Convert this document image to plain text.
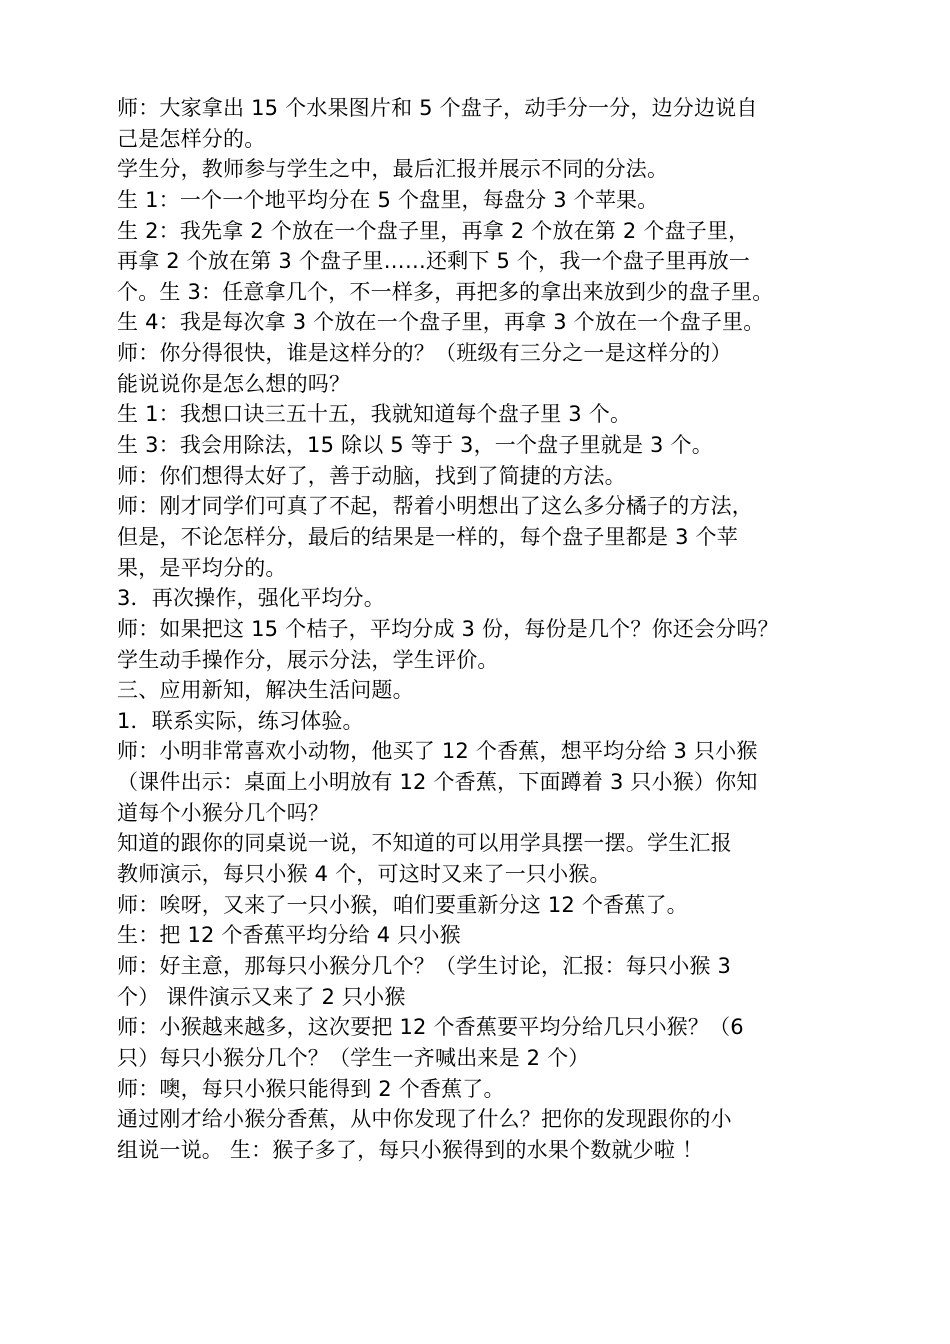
师：大家拿出 15 个水果图片和 5 个盘子，动手分一分，边分边说自
己是怎样分的。
学生分，教师参与学生之中，最后汇报并展示不同的分法。
生 1：一个一个地平均分在 5 个盘里，每盘分 3 个苹果。
生 2：我先拿 2 个放在一个盘子里，再拿 2 个放在第 2 个盘子里，
再拿 2 个放在第 3 个盘子里……还剩下 5 个，我一个盘子里再放一
个。生 3：任意拿几个，不一样多，再把多的拿出来放到少的盘子里。
生 4：我是每次拿 3 个放在一个盘子里，再拿 3 个放在一个盘子里。
师：你分得很快，谁是这样分的？（班级有三分之一是这样分的）
能说说你是怎么想的吗？
生 1：我想口诀三五十五，我就知道每个盘子里 3 个。
生 3：我会用除法，15 除以 5 等于 3，一个盘子里就是 3 个。
师：你们想得太好了，善于动脑，找到了简捷的方法。
师：刚才同学们可真了不起，帮着小明想出了这么多分橘子的方法，
但是，不论怎样分，最后的结果是一样的，每个盘子里都是 3 个苹
果，是平均分的。
3．再次操作，强化平均分。
师：如果把这 15 个桔子，平均分成 3 份，每份是几个？你还会分吗？
学生动手操作分，展示分法，学生评价。
三、应用新知，解决生活问题。
1．联系实际，练习体验。
师：小明非常喜欢小动物，他买了 12 个香蕉，想平均分给 3 只小猴
（课件出示：桌面上小明放有 12 个香蕉，下面蹲着 3 只小猴）你知
道每个小猴分几个吗？
知道的跟你的同桌说一说，不知道的可以用学具摆一摆。学生汇报
教师演示，每只小猴 4 个，可这时又来了一只小猴。
师：唉呀，又来了一只小猴，咱们要重新分这 12 个香蕉了。
生：把 12 个香蕉平均分给 4 只小猴
师：好主意，那每只小猴分几个？（学生讨论，汇报：每只小猴 3
个） 课件演示又来了 2 只小猴
师：小猴越来越多，这次要把 12 个香蕉要平均分给几只小猴？（6
只）每只小猴分几个？（学生一齐喊出来是 2 个）
师：噢，每只小猴只能得到 2 个香蕉了。
通过刚才给小猴分香蕉，从中你发现了什么？把你的发现跟你的小
组说一说。 生：猴子多了，每只小猴得到的水果个数就少啦 ！
